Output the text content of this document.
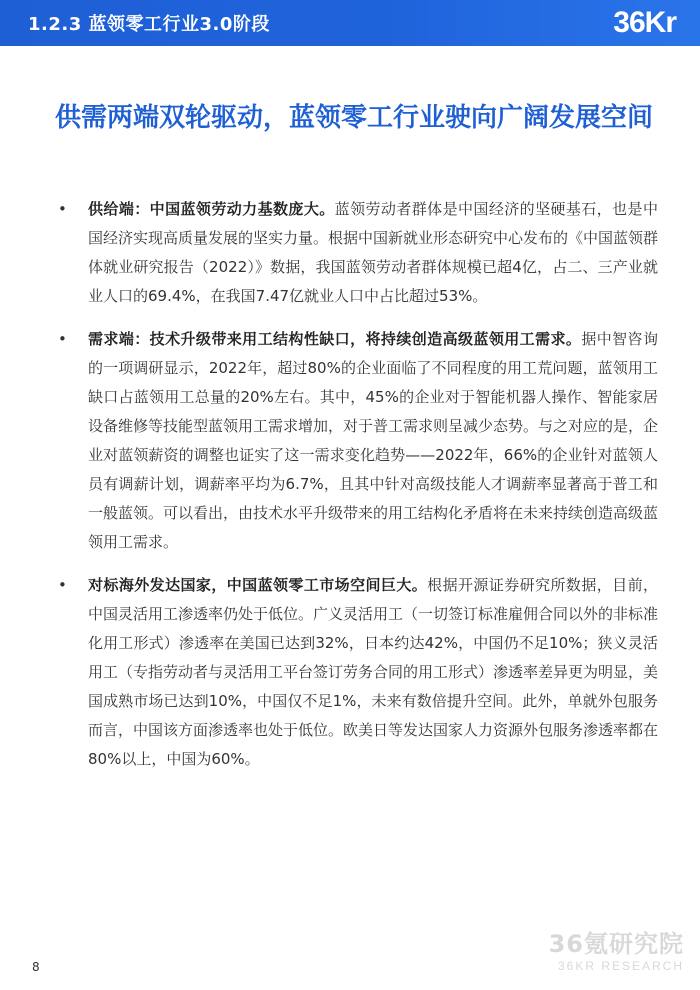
1.2.3 蓝领零工行业3.0阶段	36Kr
供需两端双轮驱动，蓝领零工行业驶向广阔发展空间

• 供给端：中国蓝领劳动力基数庞大。蓝领劳动者群体是中国经济的坚硬基石，也是中国经济实现高质量发展的坚实力量。根据中国新就业形态研究中心发布的《中国蓝领群体就业研究报告（2022）》数据，我国蓝领劳动者群体规模已超4亿，占二、三产业就业人口的69.4%，在我国7.47亿就业人口中占比超过53%。

• 需求端：技术升级带来用工结构性缺口，将持续创造高级蓝领用工需求。据中智咨询的一项调研显示，2022年，超过80%的企业面临了不同程度的用工荒问题，蓝领用工缺口占蓝领用工总量的20%左右。其中，45%的企业对于智能机器人操作、智能家居设备维修等技能型蓝领用工需求增加，对于普工需求则呈减少态势。与之对应的是，企业对蓝领薪资的调整也证实了这一需求变化趋势——2022年，66%的企业针对蓝领人员有调薪计划，调薪率平均为6.7%，且其中针对高级技能人才调薪率显著高于普工和一般蓝领。可以看出，由技术水平升级带来的用工结构化矛盾将在未来持续创造高级蓝领用工需求。

• 对标海外发达国家，中国蓝领零工市场空间巨大。根据开源证券研究所数据，目前，中国灵活用工渗透率仍处于低位。广义灵活用工（一切签订标准雇佣合同以外的非标准化用工形式）渗透率在美国已达到32%，日本约达42%，中国仍不足10%；狭义灵活用工（专指劳动者与灵活用工平台签订劳务合同的用工形式）渗透率差异更为明显，美国成熟市场已达到10%，中国仅不足1%，未来有数倍提升空间。此外，单就外包服务而言，中国该方面渗透率也处于低位。欧美日等发达国家人力资源外包服务渗透率都在80%以上，中国为60%。

8
36氪研究院
36KR RESEARCH
